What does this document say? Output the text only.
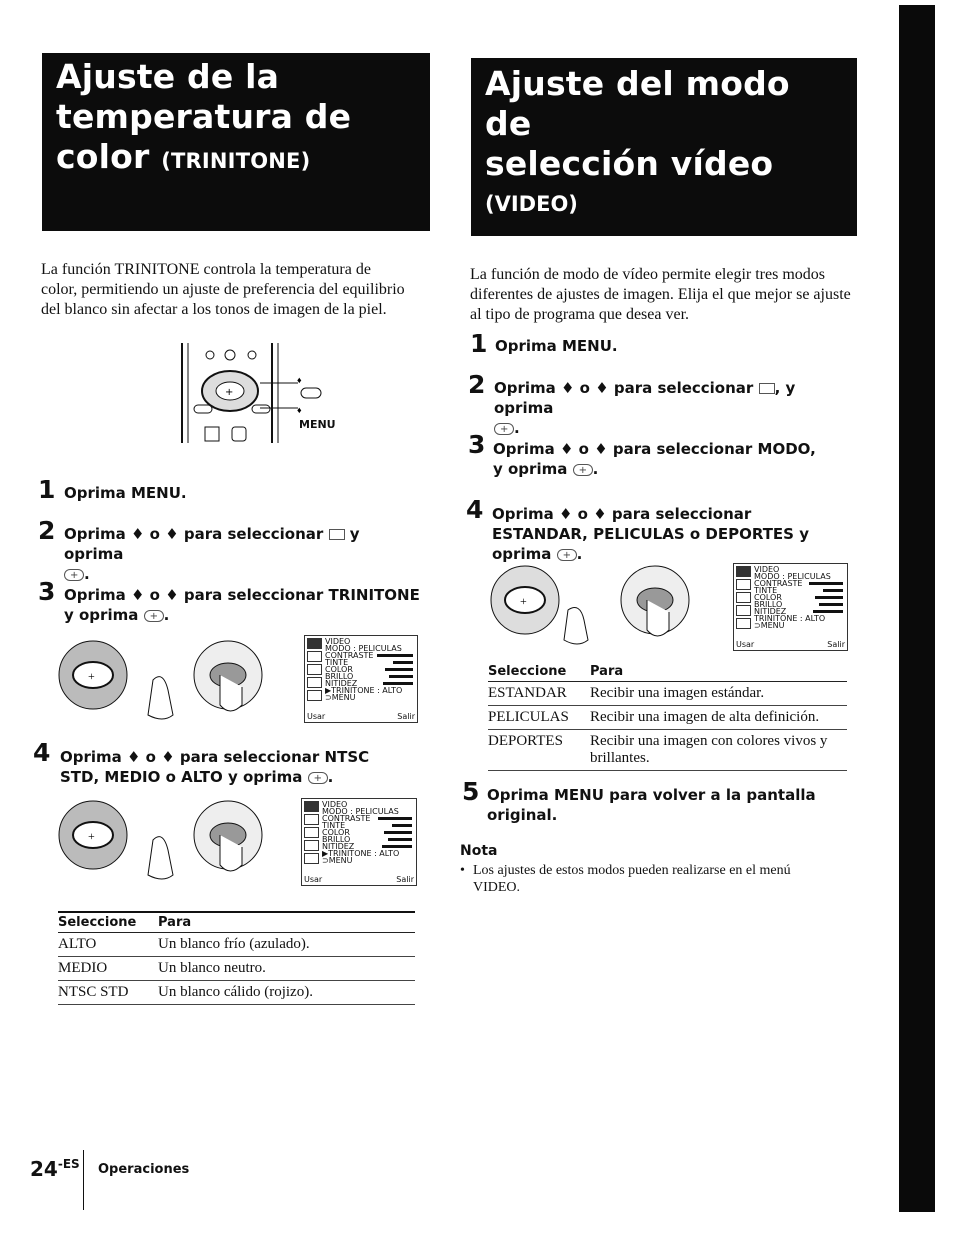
Ajuste de la
temperatura de
color (TRINITONE)
Ajuste del modo de
selección vídeo
(VIDEO)
La función TRINITONE controla la temperatura de color, permitiendo un ajuste de preferencia del equilibrio del blanco sin afectar a los tonos de imagen de la piel.
+
♦
♦
MENU
1 Oprima MENU.
2 Oprima ♦ o ♦ para seleccionar y oprima
+.
3 Oprima ♦ o ♦ para seleccionar TRINITONE y oprima + .
+
VIDEO
MODO : PELICULAS
CONTRASTE
TINTE
COLOR
BRILLO
NITIDEZ
▶TRINITONE : ALTO
⊃MENU
Usar	Salir
4 Oprima ♦ o ♦ para seleccionar NTSC STD, MEDIO o ALTO y oprima + .
+
VIDEO
MODO : PELICULAS
CONTRASTE
TINTE
COLOR
BRILLO
NITIDEZ
▶TRINITONE : ALTO
⊃MENU
Usar	Salir
Seleccione	Para
ALTO	Un blanco frío (azulado).
MEDIO	Un blanco neutro.
NTSC STD	Un blanco cálido (rojizo).
La función de modo de vídeo permite elegir tres modos diferentes de ajustes de imagen. Elija el que mejor se ajuste al tipo de programa que desea ver.
1 Oprima MENU.
2 Oprima ♦ o ♦ para seleccionar , y oprima
+.
3 Oprima ♦ o ♦ para seleccionar MODO, y oprima + .
4 Oprima ♦ o ♦ para seleccionar ESTANDAR, PELICULAS o DEPORTES y oprima + .
+
VIDEO
MODO : PELICULAS
CONTRASTE
TINTE
COLOR
BRILLO
NITIDEZ
TRINITONE : ALTO
⊃MENU
Usar	Salir
Seleccione	Para
ESTANDAR	Recibir una imagen estándar.
PELICULAS	Recibir una imagen de alta definición.
DEPORTES	Recibir una imagen con colores vivos y brillantes.
5 Oprima MENU para volver a la pantalla original.
Nota
• Los ajustes de estos modos pueden realizarse en el menú VIDEO.
$24^{-ES}$ Operaciones
